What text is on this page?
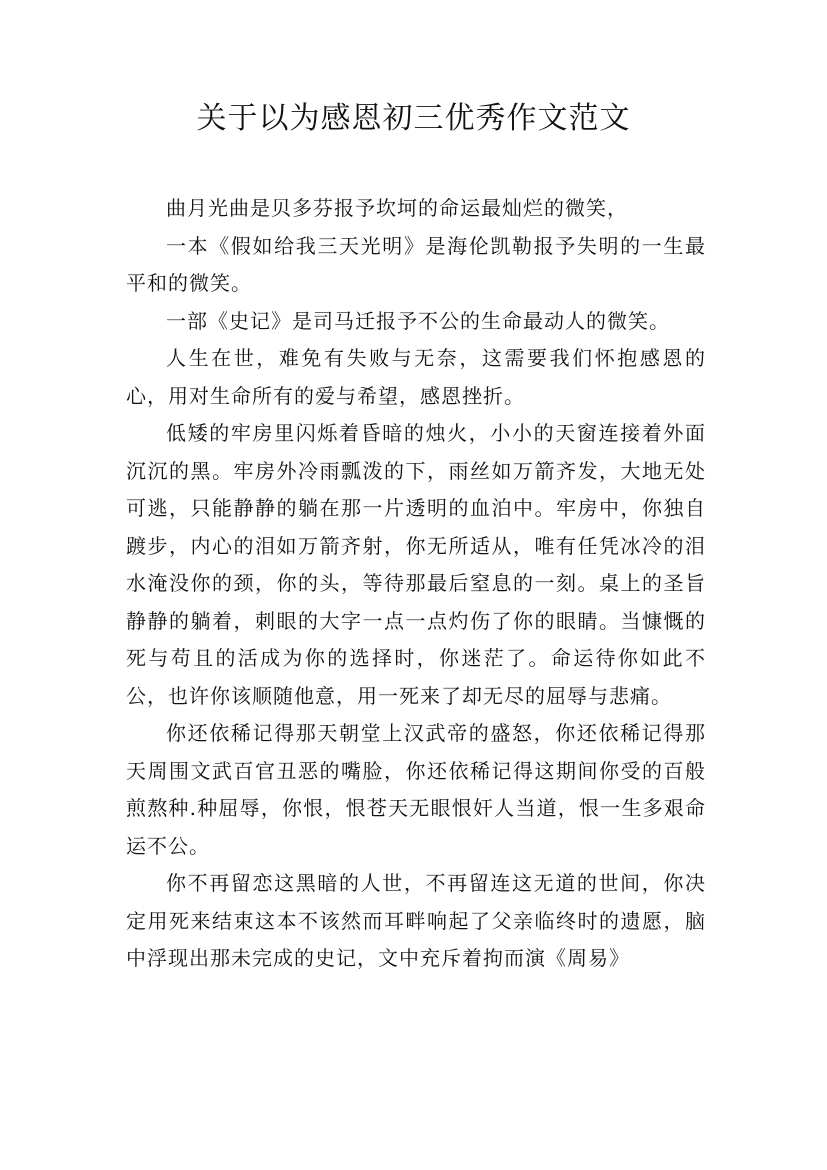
关于以为感恩初三优秀作文范文

曲月光曲是贝多芬报予坎坷的命运最灿烂的微笑，

一本《假如给我三天光明》是海伦凯勒报予失明的一生最平和的微笑。

一部《史记》是司马迁报予不公的生命最动人的微笑。

人生在世，难免有失败与无奈，这需要我们怀抱感恩的心，用对生命所有的爱与希望，感恩挫折。

低矮的牢房里闪烁着昏暗的烛火，小小的天窗连接着外面沉沉的黑。牢房外冷雨瓢泼的下，雨丝如万箭齐发，大地无处可逃，只能静静的躺在那一片透明的血泊中。牢房中，你独自踱步，内心的泪如万箭齐射，你无所适从，唯有任凭冰冷的泪水淹没你的颈，你的头，等待那最后窒息的一刻。桌上的圣旨静静的躺着，刺眼的大字一点一点灼伤了你的眼睛。当慷慨的死与苟且的活成为你的选择时，你迷茫了。命运待你如此不公，也许你该顺随他意，用一死来了却无尽的屈辱与悲痛。

你还依稀记得那天朝堂上汉武帝的盛怒，你还依稀记得那天周围文武百官丑恶的嘴脸，你还依稀记得这期间你受的百般煎熬种.种屈辱，你恨，恨苍天无眼恨奸人当道，恨一生多艰命运不公。

你不再留恋这黑暗的人世，不再留连这无道的世间，你决定用死来结束这本不该然而耳畔响起了父亲临终时的遗愿，脑中浮现出那未完成的史记，文中充斥着拘而演《周易》
